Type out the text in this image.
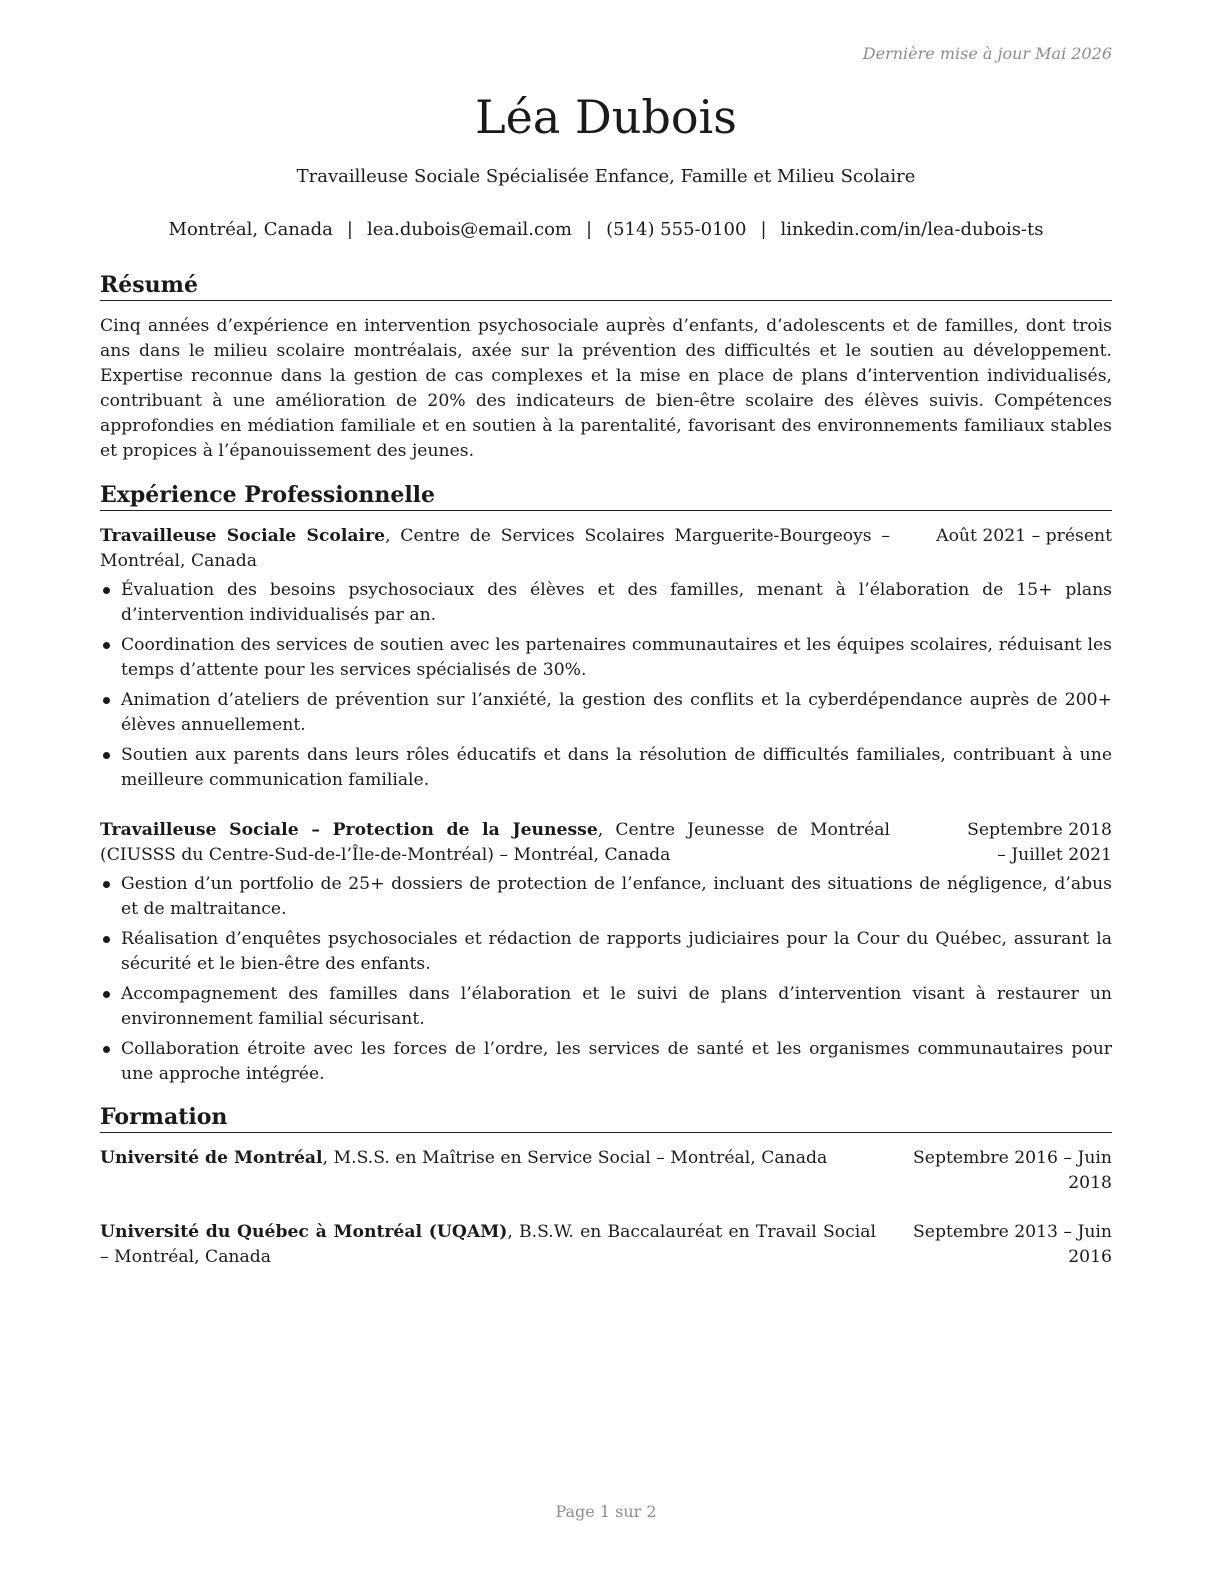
Dernière mise à jour Mai 2026
Léa Dubois
Travailleuse Sociale Spécialisée Enfance, Famille et Milieu Scolaire
Montréal, Canada | lea.dubois@email.com | (514) 555-0100 | linkedin.com/in/lea-dubois-ts
Résumé

Cinq années d’expérience en intervention psychosociale auprès d’enfants, d’adolescents et de familles, dont trois ans dans le milieu scolaire montréalais, axée sur la prévention des difficultés et le soutien au développement. Expertise reconnue dans la gestion de cas complexes et la mise en place de plans d’intervention individualisés, contribuant à une amélioration de 20% des indicateurs de bien-être scolaire des élèves suivis. Compétences approfondies en médiation familiale et en soutien à la parentalité, favorisant des environnements familiaux stables et propices à l’épanouissement des jeunes.

Expérience Professionnelle
Travailleuse Sociale Scolaire, Centre de Services Scolaires Marguerite-Bourgeoys – Montréal, Canada
Août 2021 – présent
Évaluation des besoins psychosociaux des élèves et des familles, menant à l’élaboration de 15+ plans d’intervention individualisés par an.
Coordination des services de soutien avec les partenaires communautaires et les équipes scolaires, réduisant les temps d’attente pour les services spécialisés de 30%.
Animation d’ateliers de prévention sur l’anxiété, la gestion des conflits et la cyberdépendance auprès de 200+ élèves annuellement.
Soutien aux parents dans leurs rôles éducatifs et dans la résolution de difficultés familiales, contribuant à une meilleure communication familiale.
Travailleuse Sociale – Protection de la Jeunesse, Centre Jeunesse de Montréal (CIUSSS du Centre-Sud-de-l’Île-de-Montréal) – Montréal, Canada
Septembre 2018 – Juillet 2021
Gestion d’un portfolio de 25+ dossiers de protection de l’enfance, incluant des situations de négligence, d’abus et de maltraitance.
Réalisation d’enquêtes psychosociales et rédaction de rapports judiciaires pour la Cour du Québec, assurant la sécurité et le bien-être des enfants.
Accompagnement des familles dans l’élaboration et le suivi de plans d’intervention visant à restaurer un environnement familial sécurisant.
Collaboration étroite avec les forces de l’ordre, les services de santé et les organismes communautaires pour une approche intégrée.
Formation
Université de Montréal, M.S.S. en Maîtrise en Service Social – Montréal, Canada	Septembre 2016 – Juin 2018
Université du Québec à Montréal (UQAM), B.S.W. en Baccalauréat en Travail Social – Montréal, Canada
Septembre 2013 – Juin 2016
Page 1 sur 2
